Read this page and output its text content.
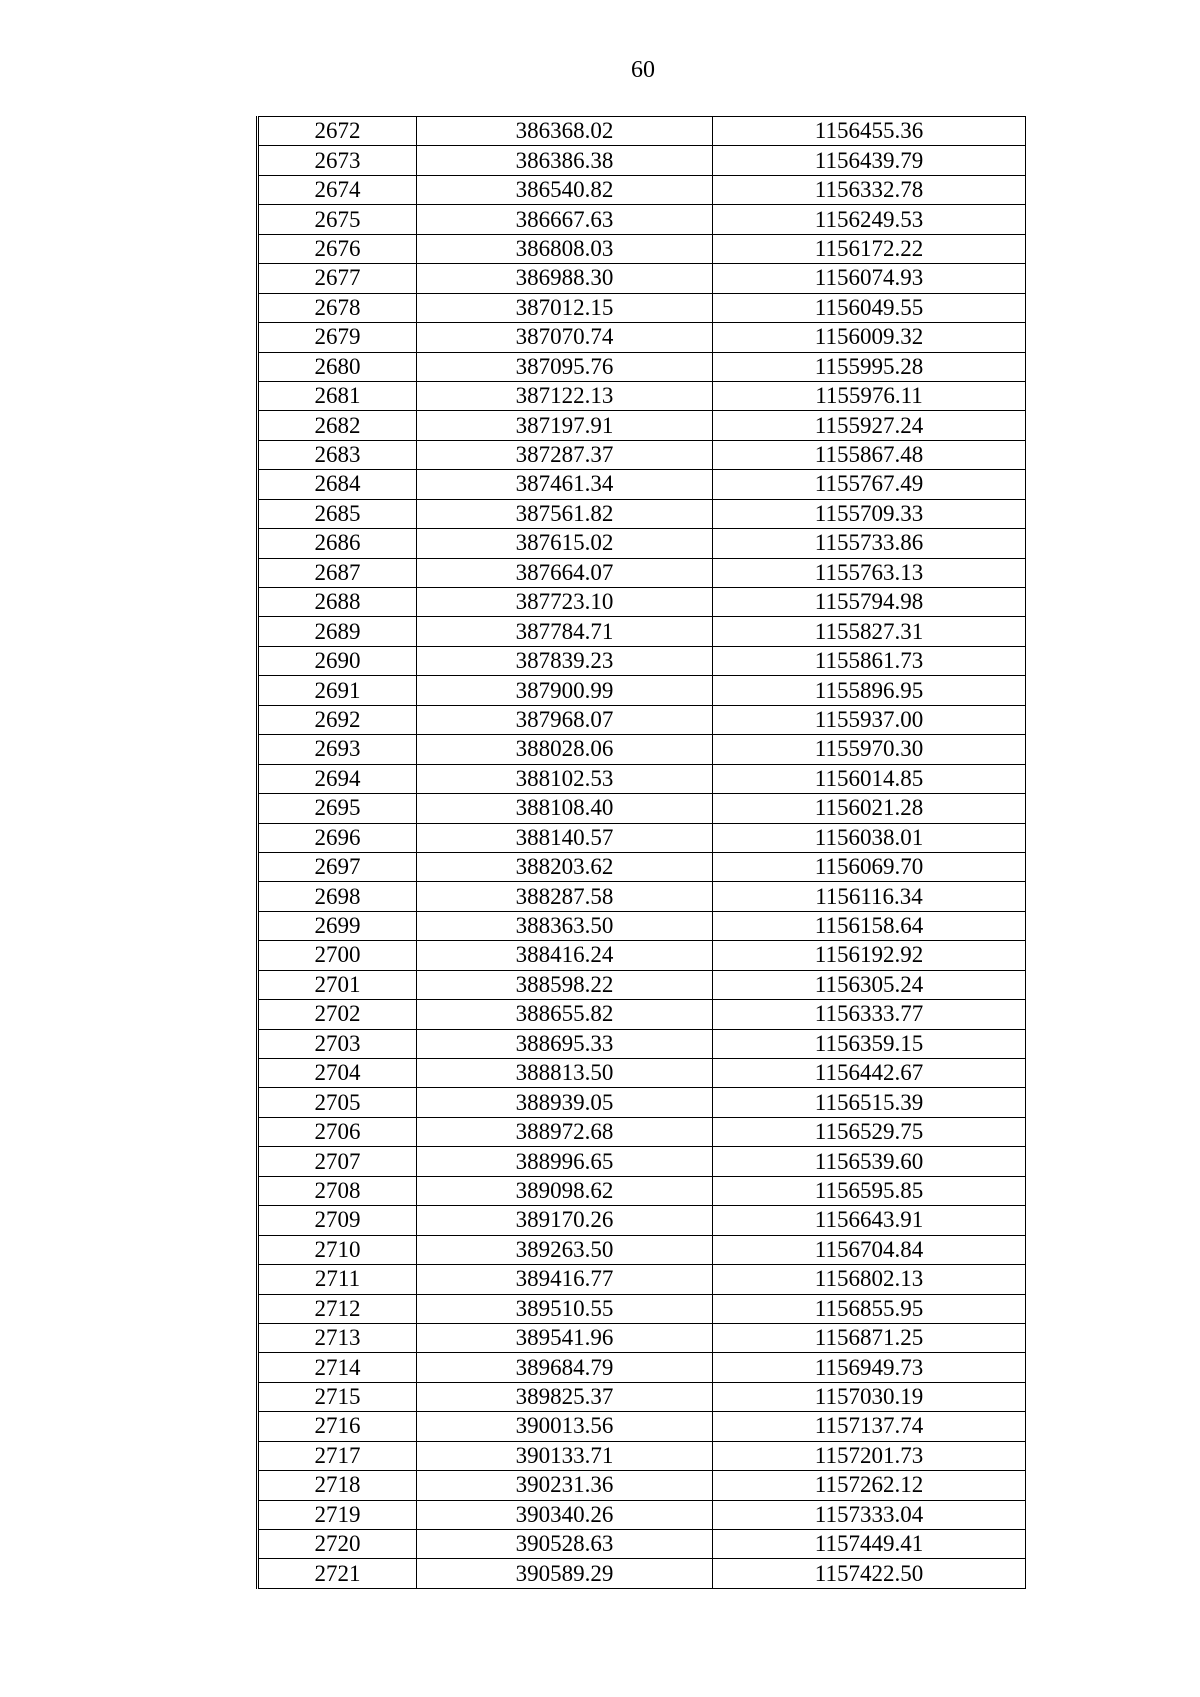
60
2672	386368.02	1156455.36
2673	386386.38	1156439.79
2674	386540.82	1156332.78
2675	386667.63	1156249.53
2676	386808.03	1156172.22
2677	386988.30	1156074.93
2678	387012.15	1156049.55
2679	387070.74	1156009.32
2680	387095.76	1155995.28
2681	387122.13	1155976.11
2682	387197.91	1155927.24
2683	387287.37	1155867.48
2684	387461.34	1155767.49
2685	387561.82	1155709.33
2686	387615.02	1155733.86
2687	387664.07	1155763.13
2688	387723.10	1155794.98
2689	387784.71	1155827.31
2690	387839.23	1155861.73
2691	387900.99	1155896.95
2692	387968.07	1155937.00
2693	388028.06	1155970.30
2694	388102.53	1156014.85
2695	388108.40	1156021.28
2696	388140.57	1156038.01
2697	388203.62	1156069.70
2698	388287.58	1156116.34
2699	388363.50	1156158.64
2700	388416.24	1156192.92
2701	388598.22	1156305.24
2702	388655.82	1156333.77
2703	388695.33	1156359.15
2704	388813.50	1156442.67
2705	388939.05	1156515.39
2706	388972.68	1156529.75
2707	388996.65	1156539.60
2708	389098.62	1156595.85
2709	389170.26	1156643.91
2710	389263.50	1156704.84
2711	389416.77	1156802.13
2712	389510.55	1156855.95
2713	389541.96	1156871.25
2714	389684.79	1156949.73
2715	389825.37	1157030.19
2716	390013.56	1157137.74
2717	390133.71	1157201.73
2718	390231.36	1157262.12
2719	390340.26	1157333.04
2720	390528.63	1157449.41
2721	390589.29	1157422.50
